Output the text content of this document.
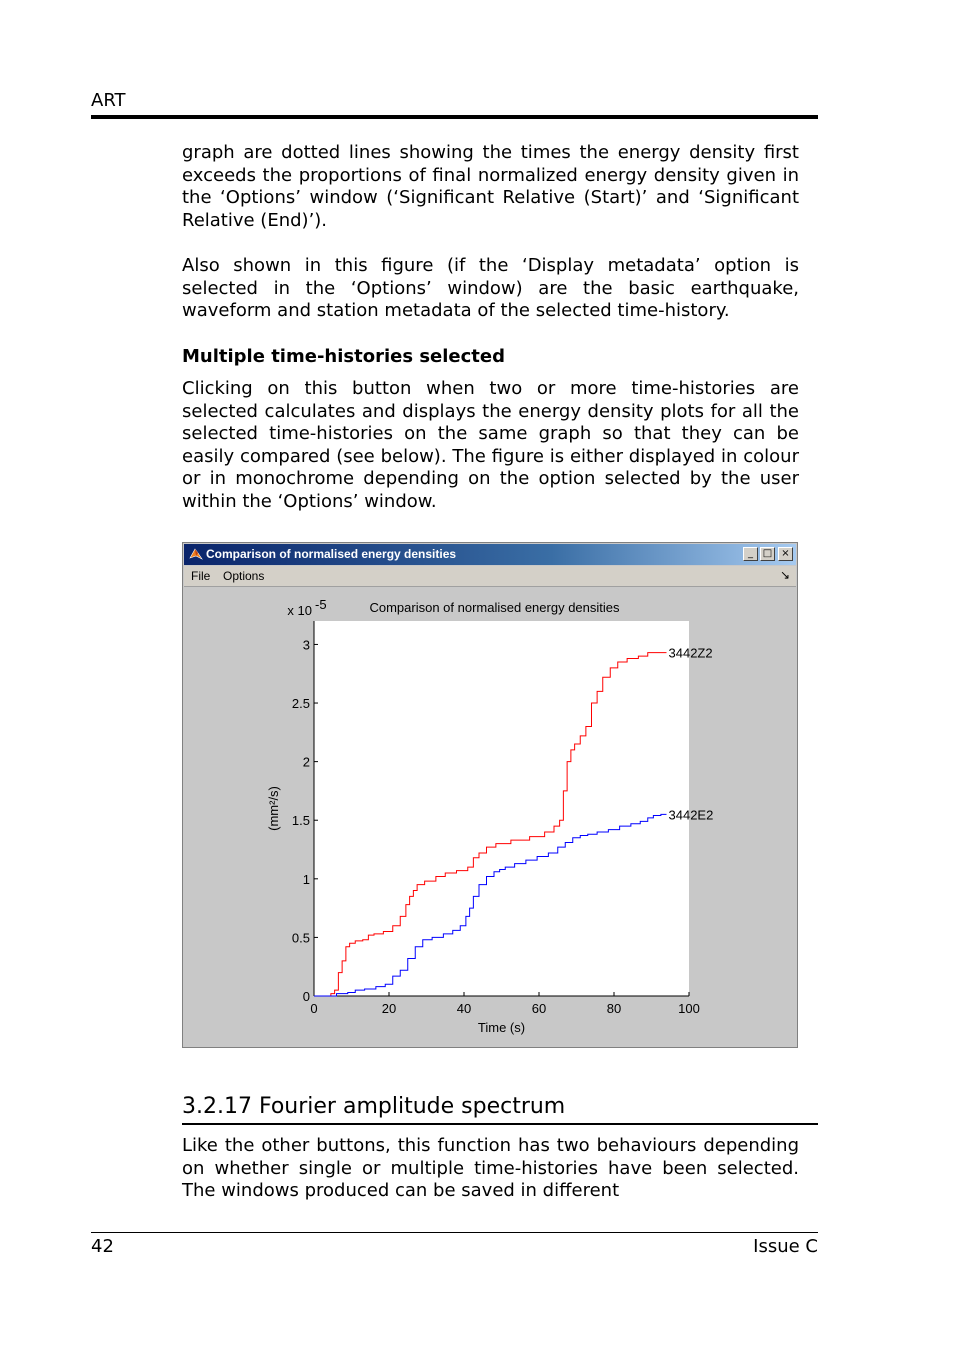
ART

graph are dotted lines showing the times the energy density first exceeds the proportions of final normalized energy density given in the ‘Options’ window (‘Significant Relative (Start)’ and ‘Significant Relative (End)’).

Also shown in this figure (if the ‘Display metadata’ option is selected in the ‘Options’ window) are the basic earthquake, waveform and station metadata of the selected time-history.

Multiple time-histories selected

Clicking on this button when two or more time-histories are selected calculates and displays the energy density plots for all the selected time-histories on the same graph so that they can be easily compared (see below). The figure is either displayed in colour or in monochrome depending on the option selected by the user within the ‘Options’ window.

Comparison of normalised energy densities	_ □ ×
File Options	↘
0	20	40	60	80	100
0
0.5
1
1.5
2
2.5
3
x 10 -5	Comparison of normalised energy densities
Time (s)
(mm²/s)
3442Z2
3442E2
3.2.17 Fourier amplitude spectrum

Like the other buttons, this function has two behaviours depending on whether single or multiple time-histories have been selected. The windows produced can be saved in different

42	Issue C
